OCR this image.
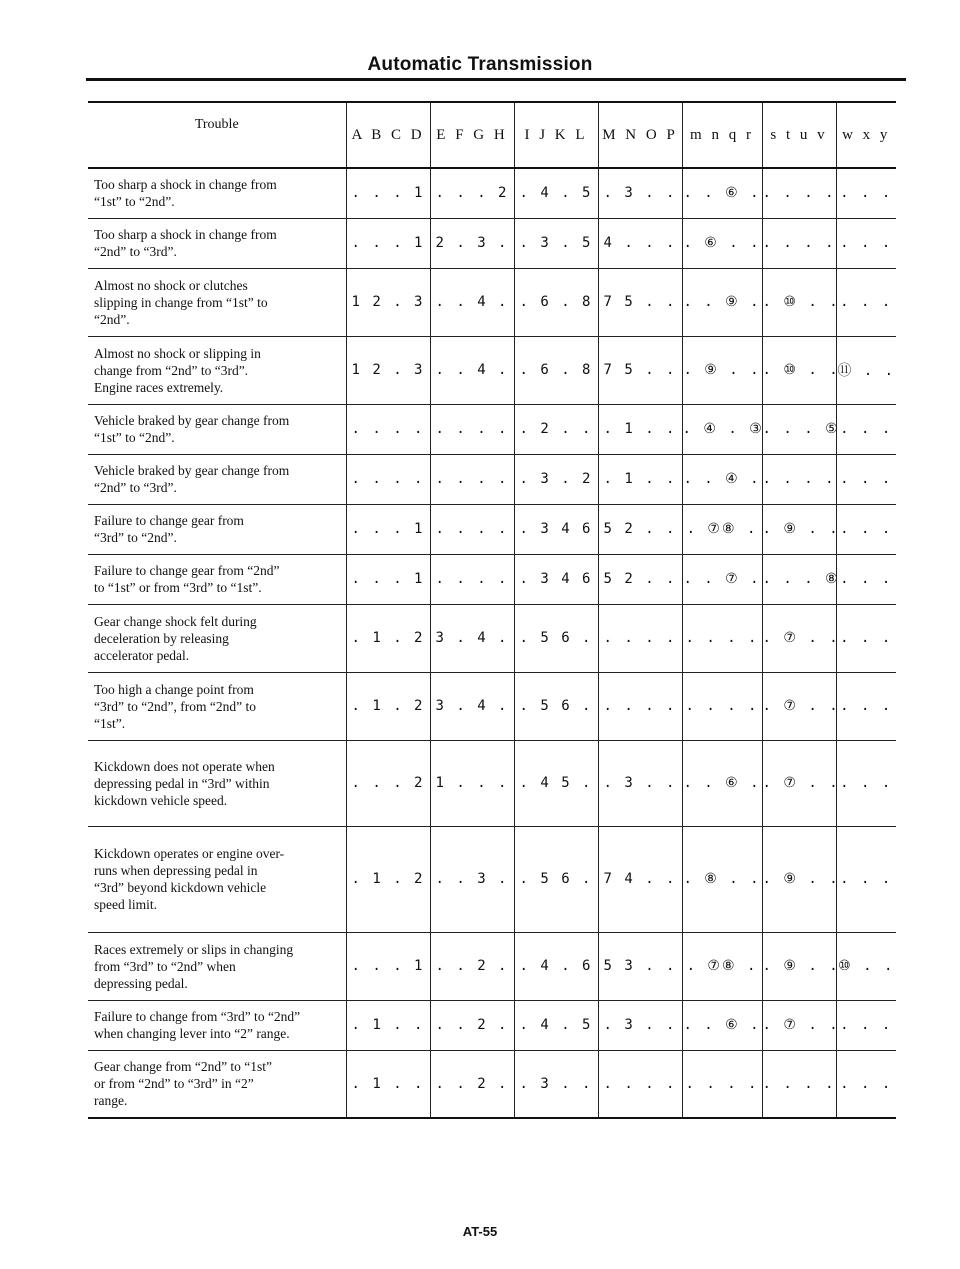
Automatic Transmission
Trouble	A B C D	E F G H	I J K L	M N O P	m n q r	s t u v	w x y

Too sharp a shock in change from
“1st” to “2nd”.	. . . 1	. . . 2	. 4 . 5	. 3 . .	. . ⑥ .	. . . .	. . .

Too sharp a shock in change from
“2nd” to “3rd”.	. . . 1	2 . 3 .	. 3 . 5	4 . . .	. ⑥ . .	. . . .	. . .

Almost no shock or clutches
slipping in change from “1st” to
“2nd”.	1 2 . 3	. . 4 .	. 6 . 8	7 5 . .	. . ⑨ .	. ⑩ . .	. . .

Almost no shock or slipping in
change from “2nd” to “3rd”.
Engine races extremely.	1 2 . 3	. . 4 .	. 6 . 8	7 5 . .	. ⑨ . .	. ⑩ . .	⑪ . .

Vehicle braked by gear change from
“1st” to “2nd”.	. . . .	. . . .	. 2 . .	. 1 . .	. ④ . ③	. . . ⑤	. . .

Vehicle braked by gear change from
“2nd” to “3rd”.	. . . .	. . . .	. 3 . 2	. 1 . .	. . ④ .	. . . .	. . .

Failure to change gear from
“3rd” to “2nd”.	. . . 1	. . . .	. 3 4 6	5 2 . .	. ⑦⑧ .	. ⑨ . .	. . .

Failure to change gear from “2nd”
to “1st” or from “3rd” to “1st”.	. . . 1	. . . .	. 3 4 6	5 2 . .	. . ⑦ .	. . . ⑧	. . .

Gear change shock felt during
deceleration by releasing
accelerator pedal.	. 1 . 2	3 . 4 .	. 5 6 .	. . . .	. . . .	. ⑦ . .	. . .

Too high a change point from
“3rd” to “2nd”, from “2nd” to
“1st”.	. 1 . 2	3 . 4 .	. 5 6 .	. . . .	. . . .	. ⑦ . .	. . .

Kickdown does not operate when
depressing pedal in “3rd” within
kickdown vehicle speed.	. . . 2	1 . . .	. 4 5 .	. 3 . .	. . ⑥ .	. ⑦ . .	. . .

Kickdown operates or engine over-
runs when depressing pedal in
“3rd” beyond kickdown vehicle
speed limit.	. 1 . 2	. . 3 .	. 5 6 .	7 4 . .	. ⑧ . .	. ⑨ . .	. . .

Races extremely or slips in changing
from “3rd” to “2nd” when
depressing pedal.	. . . 1	. . 2 .	. 4 . 6	5 3 . .	. ⑦⑧ .	. ⑨ . .	⑩ . .

Failure to change from “3rd” to “2nd”
when changing lever into “2” range.	. 1 . .	. . 2 .	. 4 . 5	. 3 . .	. . ⑥ .	. ⑦ . .	. . .

Gear change from “2nd” to “1st”
or from “2nd” to “3rd” in “2”
range.	. 1 . .	. . 2 .	. 3 . .	. . . .	. . . .	. . . .	. . .
AT-55
